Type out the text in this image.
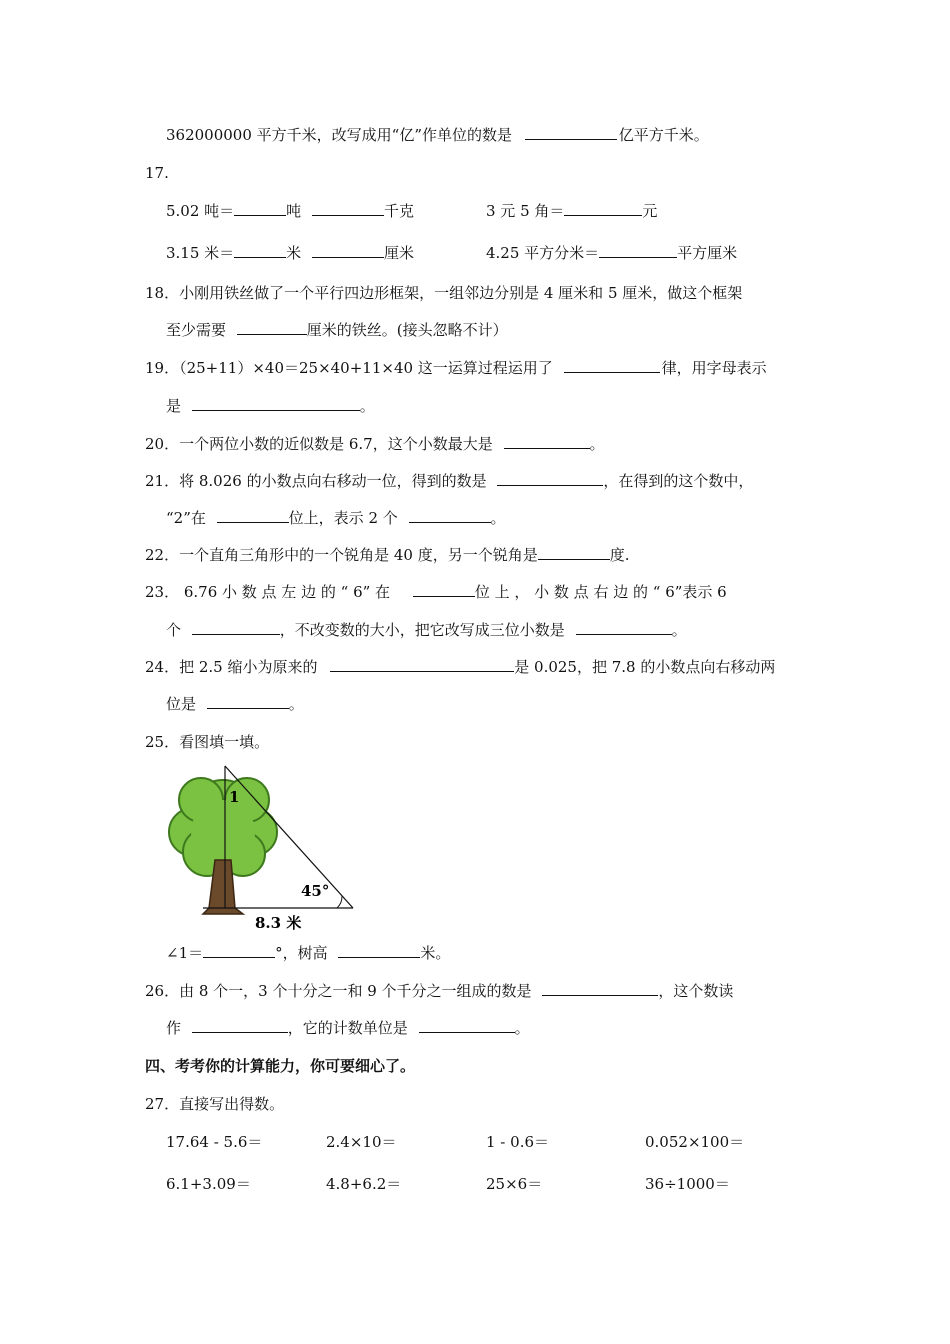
362000000 平方千米，改写成用“亿”作单位的数是	亿平方千米。
17.
5.02 吨＝	吨	千克	3 元 5 角＝	元
3.15 米＝	米	厘米	4.25 平方分米＝	平方厘米
18．小刚用铁丝做了一个平行四边形框架，一组邻边分别是 4 厘米和 5 厘米，做这个框架
至少需要	厘米的铁丝。(接头忽略不计）
19．（25+11）×40＝25×40+11×40 这一运算过程运用了	律，用字母表示
是	。
20．一个两位小数的近似数是 6.7，这个小数最大是	。
21．将 8.026 的小数点向右移动一位，得到的数是	，在得到的这个数中，
“2”在	位上，表示 2 个	。
22．一个直角三角形中的一个锐角是 40 度，另一个锐角是	度.
23． 6.76 小 数 点 左 边 的 “ 6” 在	位 上 ， 小 数 点 右 边 的 “ 6”表示 6
个	，不改变数的大小，把它改写成三位小数是	。
24．把 2.5 缩小为原来的	是 0.025，把 7.8 的小数点向右移动两
位是	。
25．看图填一填。
1
45°
8.3 米
∠1＝	°，树高	米。
26．由 8 个一，3 个十分之一和 9 个千分之一组成的数是	，这个数读
作	，它的计数单位是	。
四、考考你的计算能力，你可要细心了。
27．直接写出得数。
17.64 - 5.6＝	2.4×10＝	1 - 0.6＝	0.052×100＝
6.1+3.09＝	4.8+6.2＝	25×6＝	36÷1000＝
